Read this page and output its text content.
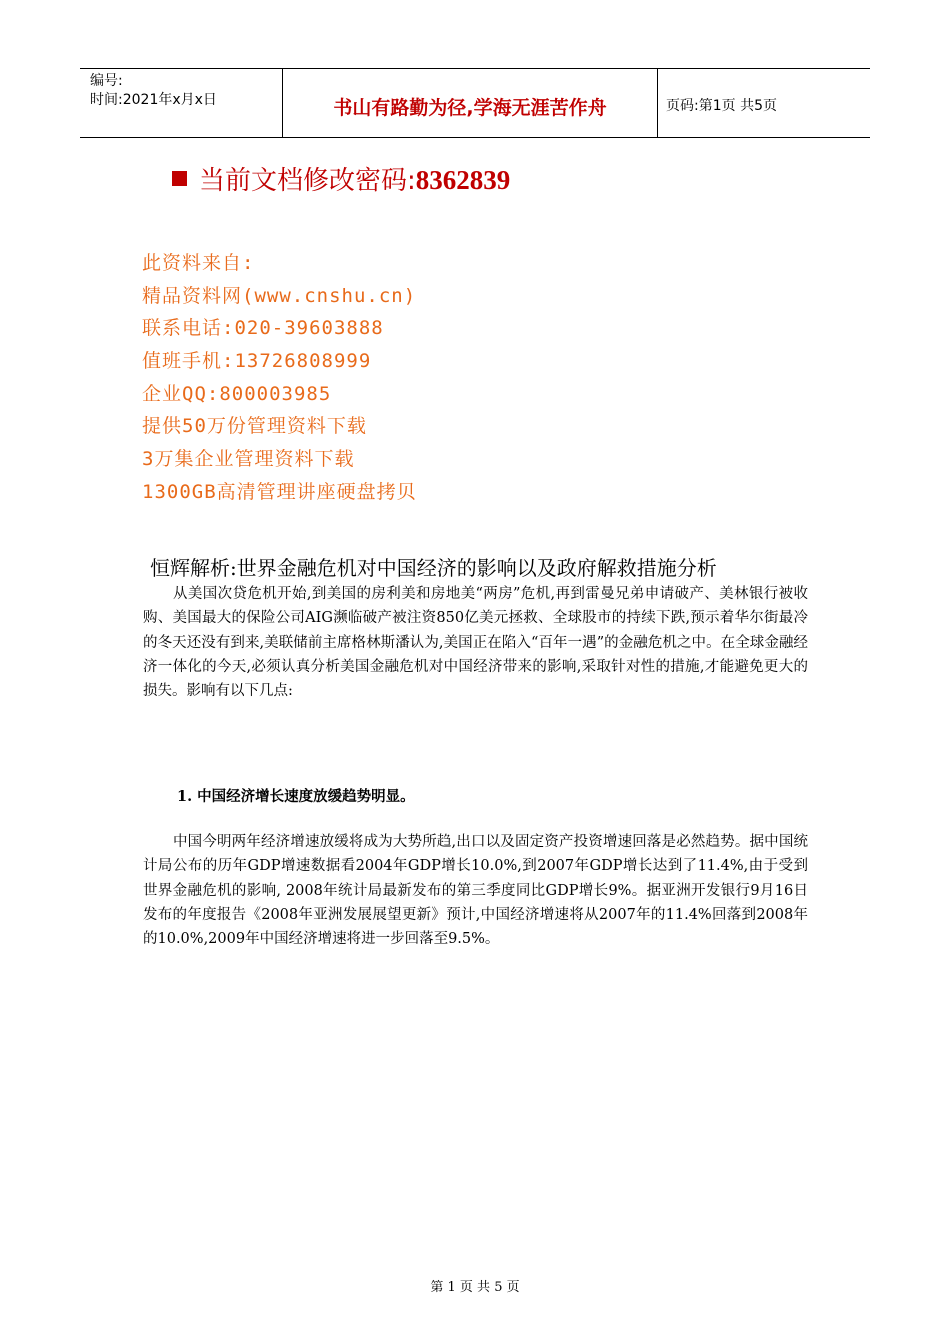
编号:
时间:2021年x月x日	书山有路勤为径,学海无涯苦作舟	页码:第1页 共5页
当前文档修改密码:8362839
此资料来自:
精品资料网(www.cnshu.cn)
联系电话:020-39603888
值班手机:13726808999
企业QQ:800003985
提供50万份管理资料下载
3万集企业管理资料下载
1300GB高清管理讲座硬盘拷贝
恒辉解析:世界金融危机对中国经济的影响以及政府解救措施分析
从美国次贷危机开始,到美国的房利美和房地美“两房”危机,再到雷曼兄弟申请破产、美林银行被收购、美国最大的保险公司AIG濒临破产被注资850亿美元拯救、全球股市的持续下跌,预示着华尔街最冷的冬天还没有到来,美联储前主席格林斯潘认为,美国正在陷入“百年一遇”的金融危机之中。在全球金融经济一体化的今天,必须认真分析美国金融危机对中国经济带来的影响,采取针对性的措施,才能避免更大的损失。影响有以下几点:
1. 中国经济增长速度放缓趋势明显。
中国今明两年经济增速放缓将成为大势所趋,出口以及固定资产投资增速回落是必然趋势。据中国统计局公布的历年GDP增速数据看2004年GDP增长10.0%,到2007年GDP增长达到了11.4%,由于受到世界金融危机的影响, 2008年统计局最新发布的第三季度同比GDP增长9%。据亚洲开发银行9月16日发布的年度报告《2008年亚洲发展展望更新》预计,中国经济增速将从2007年的11.4%回落到2008年的10.0%,2009年中国经济增速将进一步回落至9.5%。
第 1 页 共 5 页
